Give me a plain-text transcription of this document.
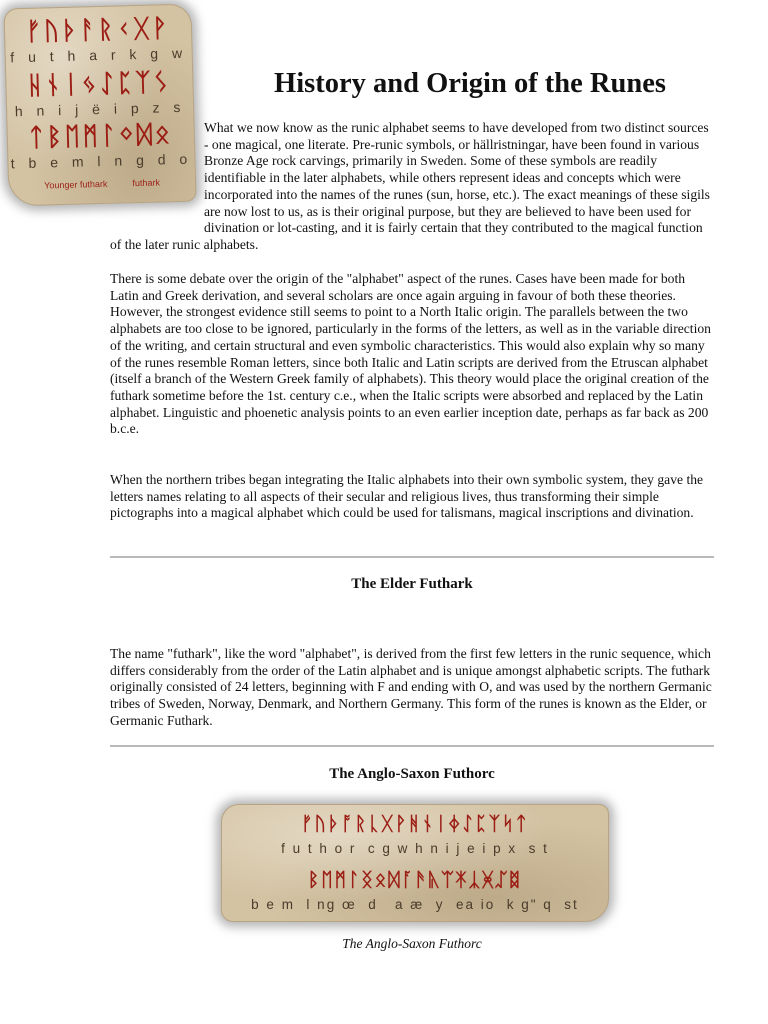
ᚠᚢᚦᚨᚱᚲᚷᚹ
f u t h a r k g w
ᚺᚾᛁᛃᛇᛈᛉᛊ
h n i j ë i p z s
ᛏᛒᛖᛗᛚᛜᛞᛟ
t b e m l n g d o
Younger futhark          futhark
History and Origin of the Runes
What we now know as the runic alphabet seems to have developed from two distinct sources - one magical, one literate. Pre-runic symbols, or hällristningar, have been found in various Bronze Age rock carvings, primarily in Sweden. Some of these symbols are readily identifiable in the later alphabets, while others represent ideas and concepts which were incorporated into the names of the runes (sun, horse, etc.). The exact meanings of these sigils are now lost to us, as is their original purpose, but they are believed to have been used for divination or lot-casting, and it is fairly certain that they contributed to the magical function of the later runic alphabets.

There is some debate over the origin of the "alphabet" aspect of the runes. Cases have been made for both Latin and Greek derivation, and several scholars are once again arguing in favour of both these theories. However, the strongest evidence still seems to point to a North Italic origin. The parallels between the two alphabets are too close to be ignored, particularly in the forms of the letters, as well as in the variable direction of the writing, and certain structural and even symbolic characteristics. This would also explain why so many of the runes resemble Roman letters, since both Italic and Latin scripts are derived from the Etruscan alphabet (itself a branch of the Western Greek family of alphabets). This theory would place the original creation of the futhark sometime before the 1st. century c.e., when the Italic scripts were absorbed and replaced by the Latin alphabet. Linguistic and phoenetic analysis points to an even earlier inception date, perhaps as far back as 200 b.c.e.

When the northern tribes began integrating the Italic alphabets into their own symbolic system, they gave the letters names relating to all aspects of their secular and religious lives, thus transforming their simple pictographs into a magical alphabet which could be used for talismans, magical inscriptions and divination.

The Elder Futhark

The name "futhark", like the word "alphabet", is derived from the first few letters in the runic sequence, which differs considerably from the order of the Latin alphabet and is unique amongst alphabetic scripts. The futhark originally consisted of 24 letters, beginning with F and ending with O, and was used by the northern Germanic tribes of Sweden, Norway, Denmark, and Northern Germany. This form of the runes is known as the Elder, or Germanic Futhark.

The Anglo-Saxon Futhorc
ᚠᚢᚦᚩᚱᚳᚷᚹᚻᚾᛁᛄᛇᛈᛉᛋᛏ
f u t h o r  c g w h n i j e i p x  s t
ᛒᛖᛗᛚᛝᛟᛞᚪᚫᚣᛠᛡᛣᚸᛢᛥ
b e m  l ng œ  d   a æ  y  ea io  k g" q  st

The Anglo-Saxon Futhorc
